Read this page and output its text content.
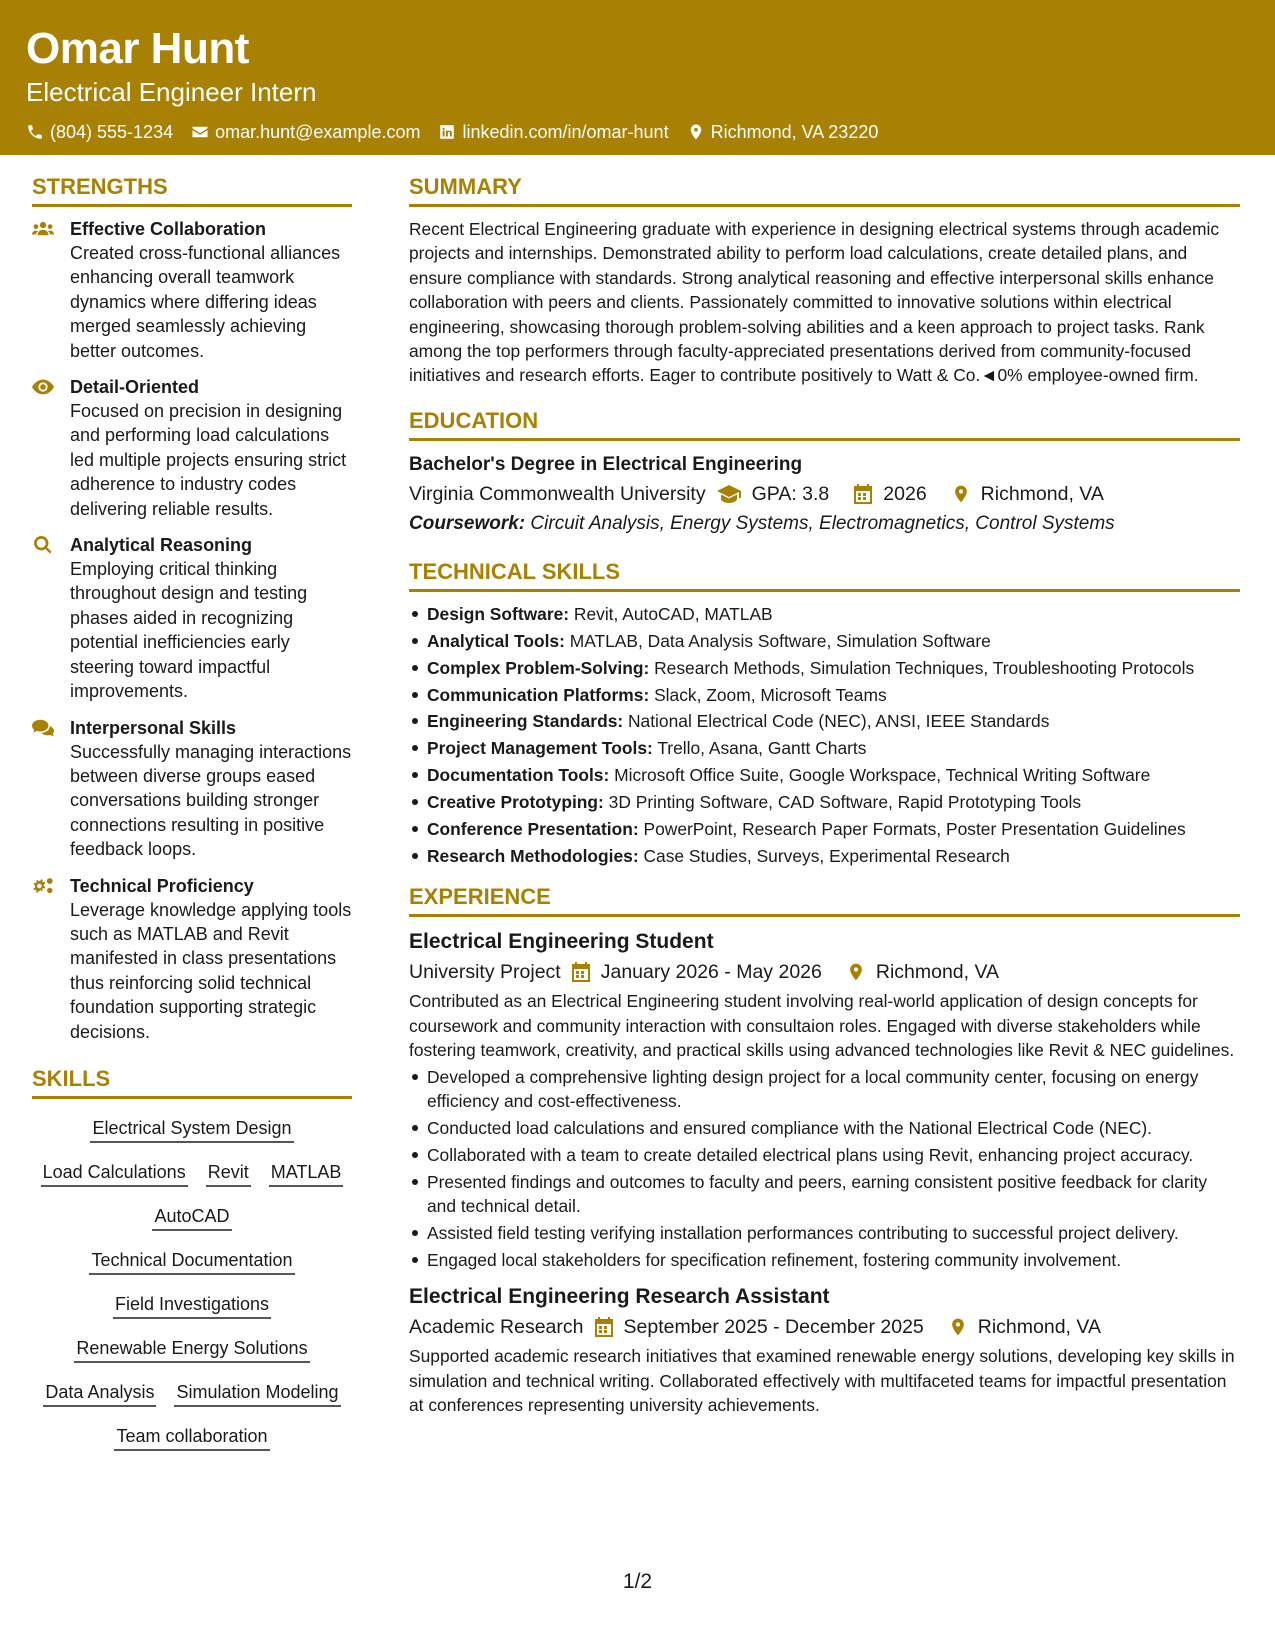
Omar Hunt
Electrical Engineer Intern
(804) 555-1234 omar.hunt@example.com linkedin.com/in/omar-hunt Richmond, VA 23220
STRENGTHS
Effective Collaboration
Created cross-functional alliances enhancing overall teamwork dynamics where differing ideas merged seamlessly achieving better outcomes.
Detail-Oriented
Focused on precision in designing and performing load calculations led multiple projects ensuring strict adherence to industry codes delivering reliable results.
Analytical Reasoning
Employing critical thinking throughout design and testing phases aided in recognizing potential inefficiencies early steering toward impactful improvements.
Interpersonal Skills
Successfully managing interactions between diverse groups eased conversations building stronger connections resulting in positive feedback loops.
Technical Proficiency
Leverage knowledge applying tools such as MATLAB and Revit manifested in class presentations thus reinforcing solid technical foundation supporting strategic decisions.
SKILLS
Electrical System Design
Load Calculations Revit MATLAB
AutoCAD
Technical Documentation
Field Investigations
Renewable Energy Solutions
Data Analysis Simulation Modeling
Team collaboration
SUMMARY
Recent Electrical Engineering graduate with experience in designing electrical systems through academic projects and internships. Demonstrated ability to perform load calculations, create detailed plans, and ensure compliance with standards. Strong analytical reasoning and effective interpersonal skills enhance collaboration with peers and clients. Passionately committed to innovative solutions within electrical engineering, showcasing thorough problem-solving abilities and a keen approach to project tasks. Rank among the top performers through faculty-appreciated presentations derived from community-focused initiatives and research efforts. Eager to contribute positively to Watt & Co.◄0% employee-owned firm.
EDUCATION
Bachelor's Degree in Electrical Engineering
Virginia Commonwealth University GPA: 3.8	2026	Richmond, VA
Coursework: Circuit Analysis, Energy Systems, Electromagnetics, Control Systems
TECHNICAL SKILLS
Design Software: Revit, AutoCAD, MATLAB
Analytical Tools: MATLAB, Data Analysis Software, Simulation Software
Complex Problem-Solving: Research Methods, Simulation Techniques, Troubleshooting Protocols
Communication Platforms: Slack, Zoom, Microsoft Teams
Engineering Standards: National Electrical Code (NEC), ANSI, IEEE Standards
Project Management Tools: Trello, Asana, Gantt Charts
Documentation Tools: Microsoft Office Suite, Google Workspace, Technical Writing Software
Creative Prototyping: 3D Printing Software, CAD Software, Rapid Prototyping Tools
Conference Presentation: PowerPoint, Research Paper Formats, Poster Presentation Guidelines
Research Methodologies: Case Studies, Surveys, Experimental Research
EXPERIENCE
Electrical Engineering Student
University Project January 2026 - May 2026	Richmond, VA
Contributed as an Electrical Engineering student involving real-world application of design concepts for coursework and community interaction with consultaion roles. Engaged with diverse stakeholders while fostering teamwork, creativity, and practical skills using advanced technologies like Revit & NEC guidelines.
Developed a comprehensive lighting design project for a local community center, focusing on energy efficiency and cost-effectiveness.
Conducted load calculations and ensured compliance with the National Electrical Code (NEC).
Collaborated with a team to create detailed electrical plans using Revit, enhancing project accuracy.
Presented findings and outcomes to faculty and peers, earning consistent positive feedback for clarity and technical detail.
Assisted field testing verifying installation performances contributing to successful project delivery.
Engaged local stakeholders for specification refinement, fostering community involvement.
Electrical Engineering Research Assistant
Academic Research September 2025 - December 2025	Richmond, VA
Supported academic research initiatives that examined renewable energy solutions, developing key skills in simulation and technical writing. Collaborated effectively with multifaceted teams for impactful presentation at conferences representing university achievements.
1/2
